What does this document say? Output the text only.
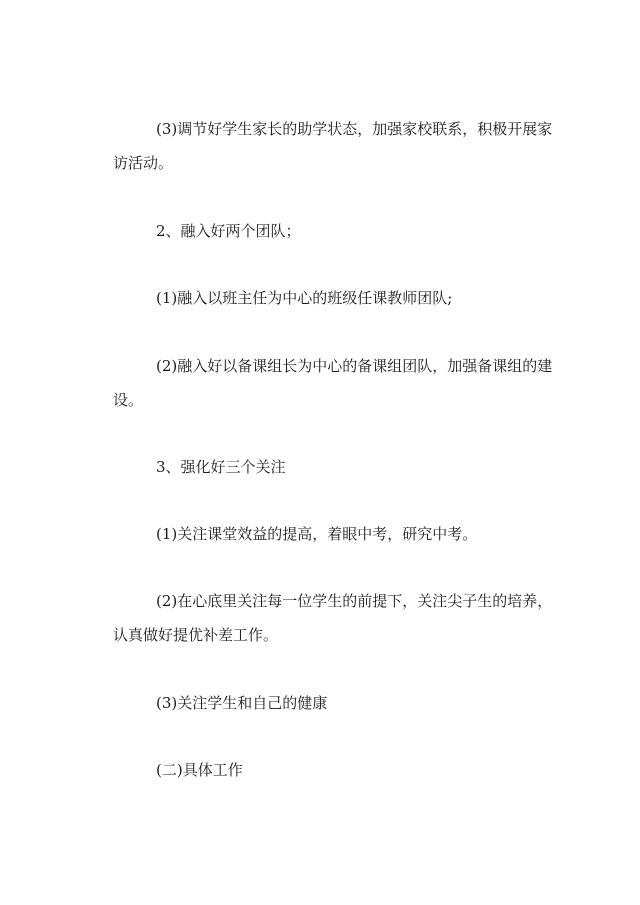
(3)调节好学生家长的助学状态，加强家校联系，积极开展家
访活动。

2、融入好两个团队；

(1)融入以班主任为中心的班级任课教师团队;

(2)融入好以备课组长为中心的备课组团队，加强备课组的建
设。

3、强化好三个关注

(1)关注课堂效益的提高，着眼中考，研究中考。

(2)在心底里关注每一位学生的前提下，关注尖子生的培养，
认真做好提优补差工作。

(3)关注学生和自己的健康

(二)具体工作
